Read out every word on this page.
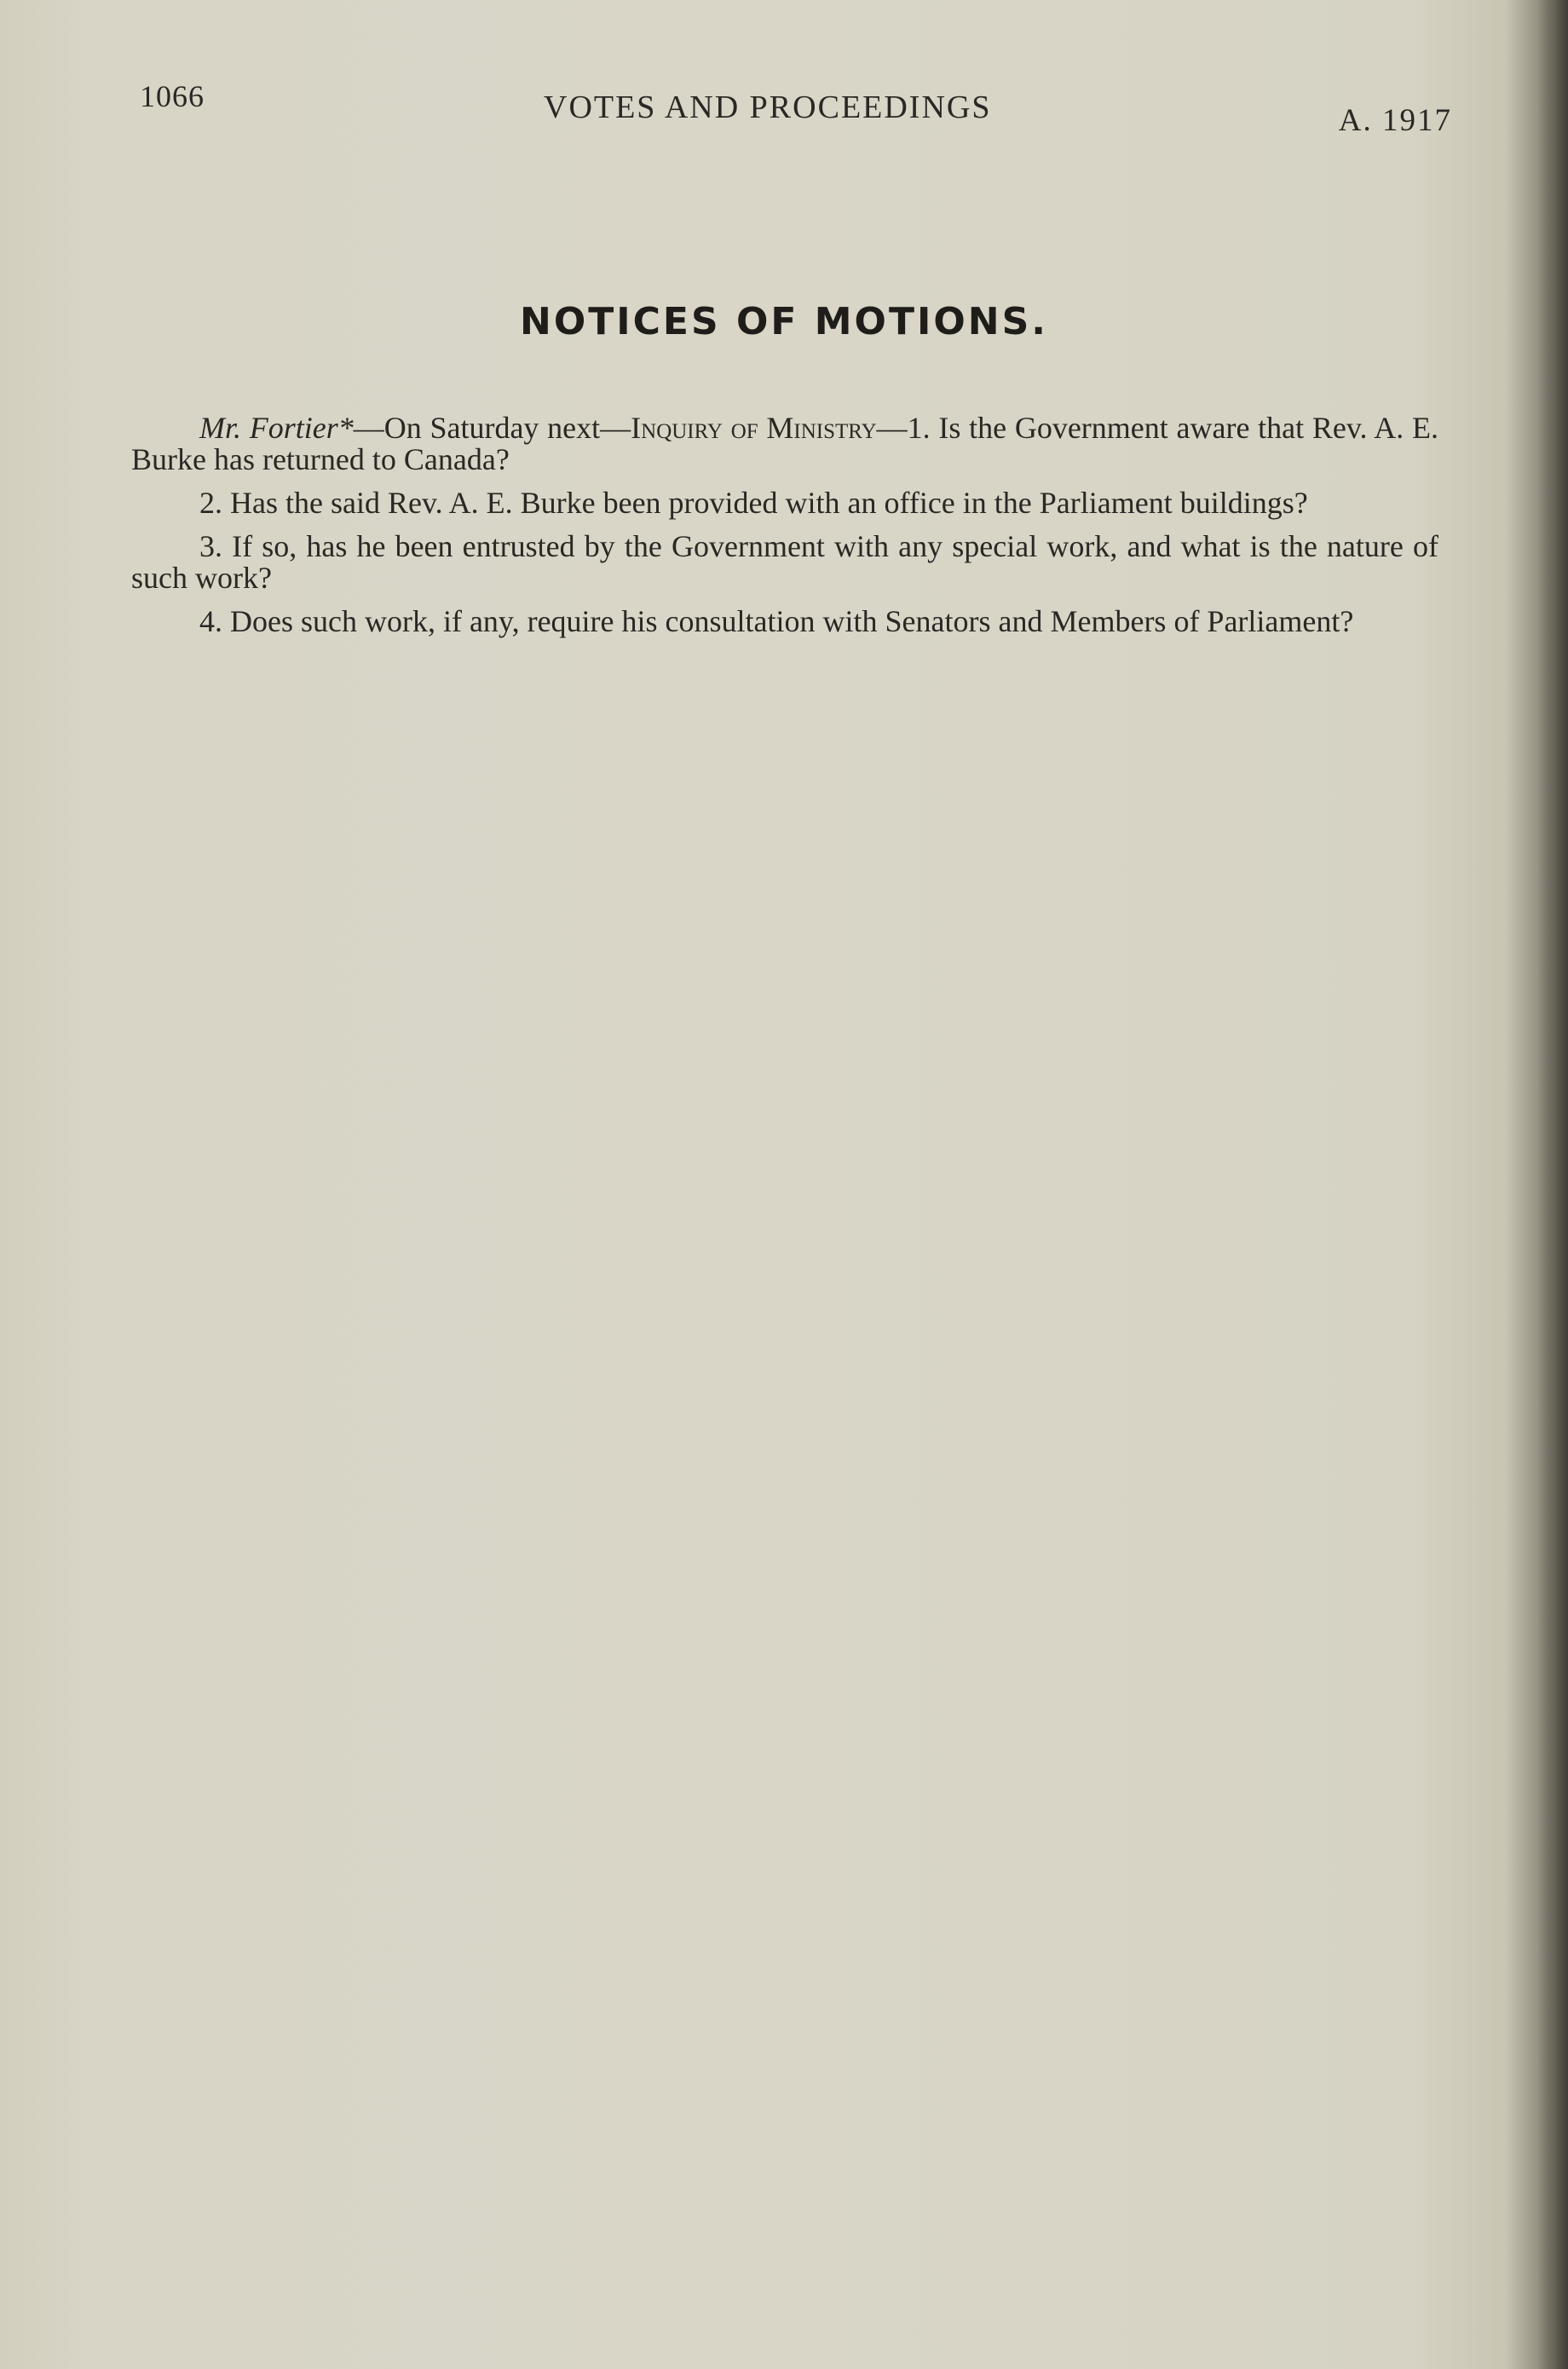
1066	VOTES AND PROCEEDINGS	A. 1917
NOTICES OF MOTIONS.

Mr. Fortier*—On Saturday next—Inquiry of Ministry—1. Is the Government aware that Rev. A. E. Burke has returned to Canada?

2. Has the said Rev. A. E. Burke been provided with an office in the Parliament buildings?

3. If so, has he been entrusted by the Government with any special work, and what is the nature of such work?

4. Does such work, if any, require his consultation with Senators and Members of Parliament?
